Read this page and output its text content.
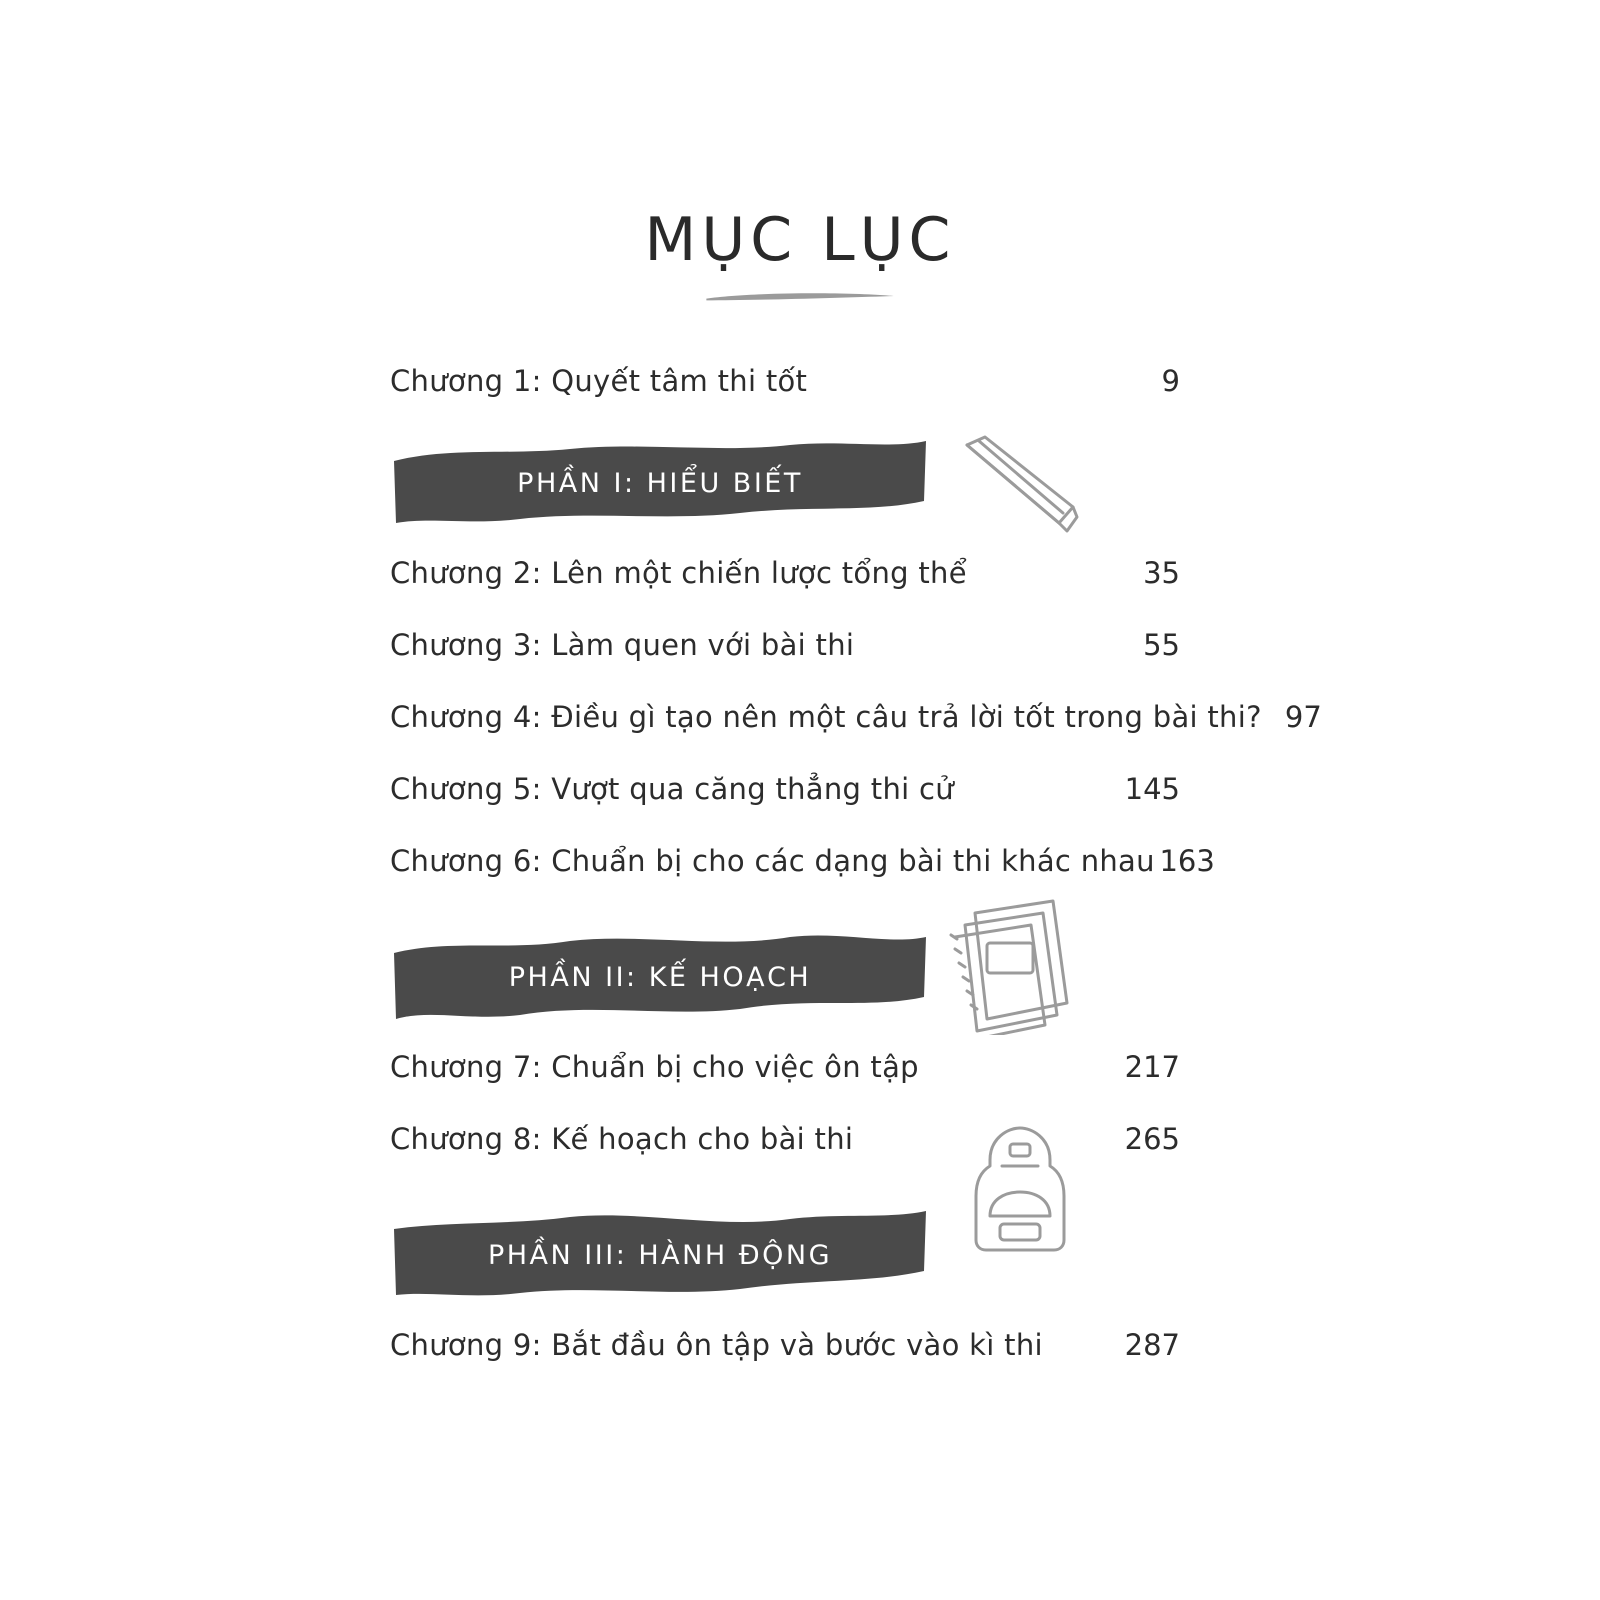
MỤC LỤC
Chương 1: Quyết tâm thi tốt	9
PHẦN I: HIỂU BIẾT
Chương 2: Lên một chiến lược tổng thể	35
Chương 3: Làm quen với bài thi	55
Chương 4: Điều gì tạo nên một câu trả lời tốt trong bài thi? 97
Chương 5: Vượt qua căng thẳng thi cử	145
Chương 6: Chuẩn bị cho các dạng bài thi khác nhau 163
PHẦN II: KẾ HOẠCH
Chương 7: Chuẩn bị cho việc ôn tập	217
Chương 8: Kế hoạch cho bài thi	265
PHẦN III: HÀNH ĐỘNG
Chương 9: Bắt đầu ôn tập và bước vào kì thi	287
